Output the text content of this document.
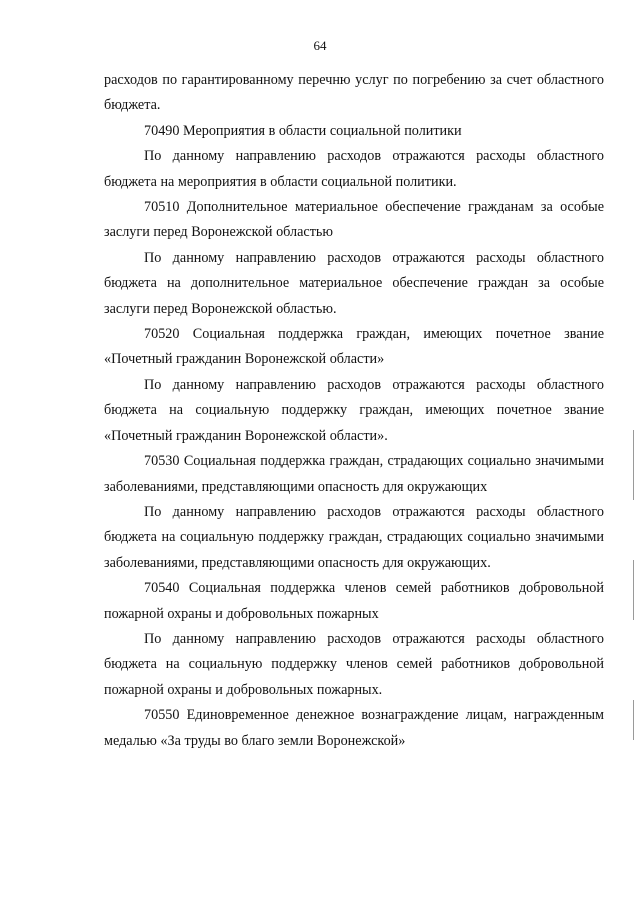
64

расходов по гарантированному перечню услуг по погребению за счет областного бюджета.

70490 Мероприятия в области социальной политики

По данному направлению расходов отражаются расходы областного бюджета на мероприятия в области социальной политики.

70510 Дополнительное материальное обеспечение гражданам за особые заслуги перед Воронежской областью

По данному направлению расходов отражаются расходы областного бюджета на дополнительное материальное обеспечение граждан за особые заслуги перед Воронежской областью.

70520 Социальная поддержка граждан, имеющих почетное звание «Почетный гражданин Воронежской области»

По данному направлению расходов отражаются расходы областного бюджета на социальную поддержку граждан, имеющих почетное звание «Почетный гражданин Воронежской области».

70530 Социальная поддержка граждан, страдающих социально значимыми заболеваниями, представляющими опасность для окружающих

По данному направлению расходов отражаются расходы областного бюджета на социальную поддержку граждан, страдающих социально значимыми заболеваниями, представляющими опасность для окружающих.

70540 Социальная поддержка членов семей работников добровольной пожарной охраны и добровольных пожарных

По данному направлению расходов отражаются расходы областного бюджета на социальную поддержку членов семей работников добровольной пожарной охраны и добровольных пожарных.

70550 Единовременное денежное вознаграждение лицам, награжденным медалью «За труды во благо земли Воронежской»
